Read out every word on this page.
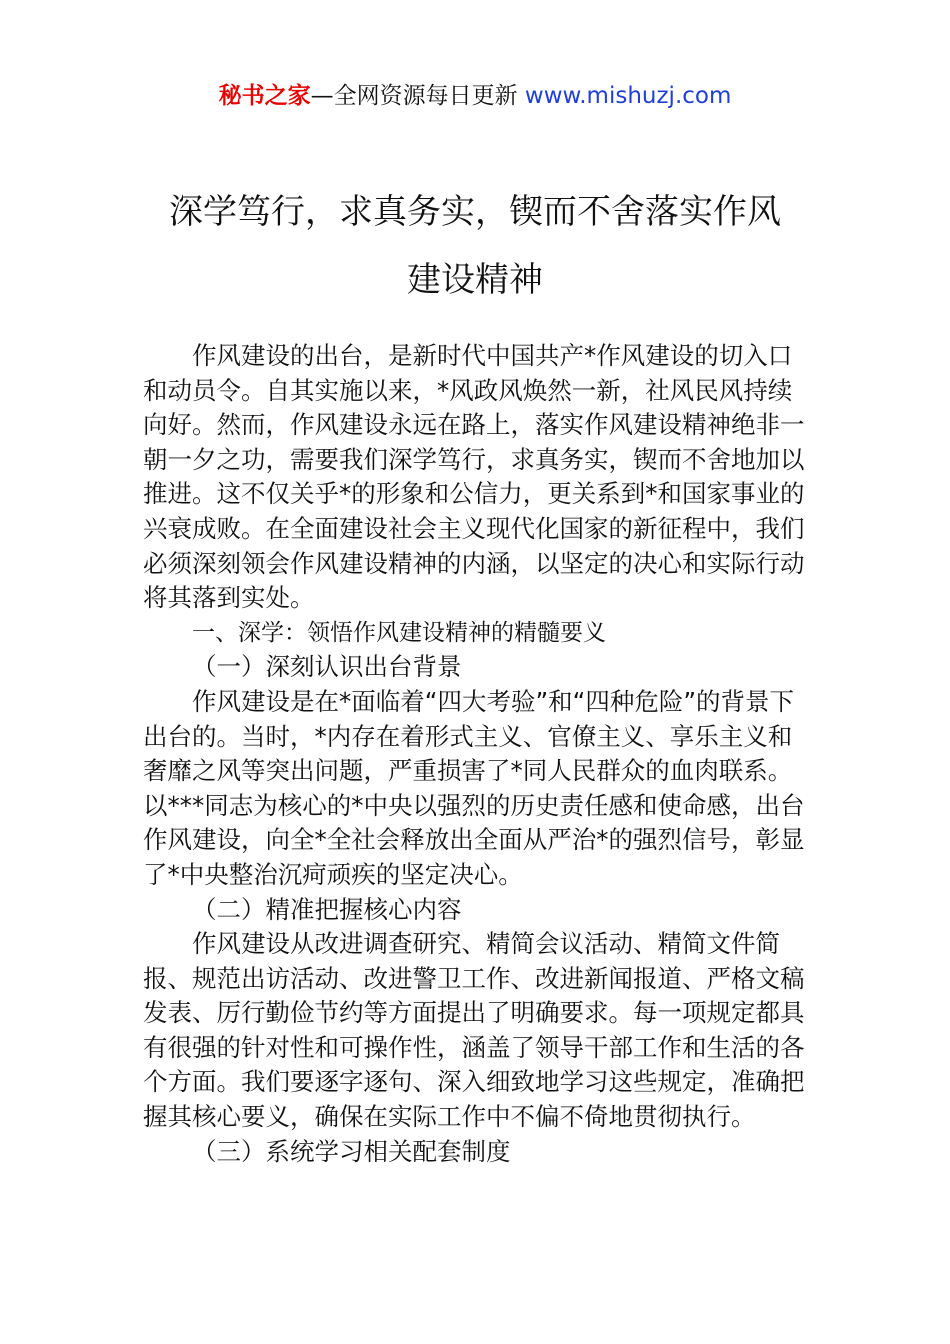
秘书之家—全网资源每日更新 www.mishuzj.com
深学笃行，求真务实，锲而不舍落实作风
建设精神

作风建设的出台，是新时代中国共产*作风建设的切入口和动员令。自其实施以来，*风政风焕然一新，社风民风持续向好。然而，作风建设永远在路上，落实作风建设精神绝非一朝一夕之功，需要我们深学笃行，求真务实，锲而不舍地加以推进。这不仅关乎*的形象和公信力，更关系到*和国家事业的兴衰成败。在全面建设社会主义现代化国家的新征程中，我们必须深刻领会作风建设精神的内涵，以坚定的决心和实际行动将其落到实处。

一、深学：领悟作风建设精神的精髓要义

（一）深刻认识出台背景

作风建设是在*面临着“四大考验”和“四种危险”的背景下出台的。当时，*内存在着形式主义、官僚主义、享乐主义和奢靡之风等突出问题，严重损害了*同人民群众的血肉联系。以***同志为核心的*中央以强烈的历史责任感和使命感，出台作风建设，向全*全社会释放出全面从严治*的强烈信号，彰显了*中央整治沉疴顽疾的坚定决心。

（二）精准把握核心内容

作风建设从改进调查研究、精简会议活动、精简文件简报、规范出访活动、改进警卫工作、改进新闻报道、严格文稿发表、厉行勤俭节约等方面提出了明确要求。每一项规定都具有很强的针对性和可操作性，涵盖了领导干部工作和生活的各个方面。我们要逐字逐句、深入细致地学习这些规定，准确把握其核心要义，确保在实际工作中不偏不倚地贯彻执行。

（三）系统学习相关配套制度
